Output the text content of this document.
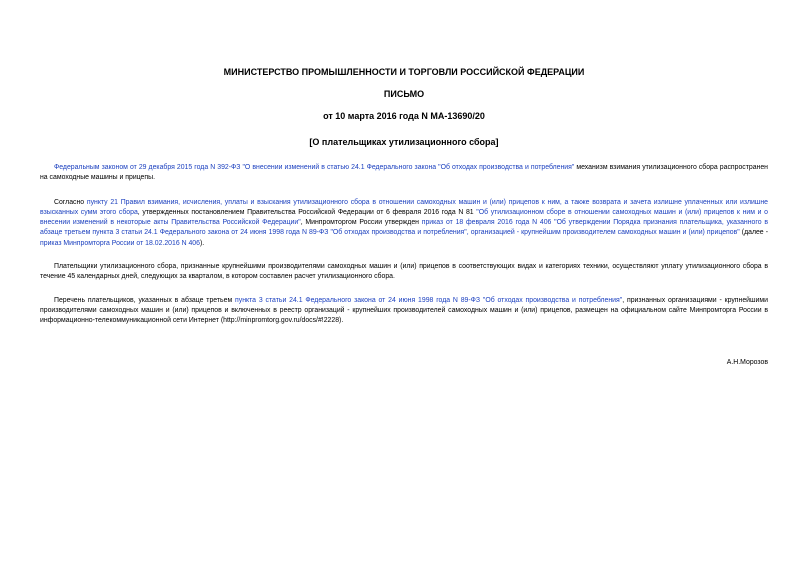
МИНИСТЕРСТВО ПРОМЫШЛЕННОСТИ И ТОРГОВЛИ РОССИЙСКОЙ ФЕДЕРАЦИИ
ПИСЬМО
от 10 марта 2016 года N МА-13690/20
[О плательщиках утилизационного сбора]

Федеральным законом от 29 декабря 2015 года N 392-ФЗ "О внесении изменений в статью 24.1 Федерального закона "Об отходах производства и потребления" механизм взимания утилизационного сбора распространен на самоходные машины и прицепы.

Согласно пункту 21 Правил взимания, исчисления, уплаты и взыскания утилизационного сбора в отношении самоходных машин и (или) прицепов к ним, а также возврата и зачета излишне уплаченных или излишне взысканных сумм этого сбора, утвержденных постановлением Правительства Российской Федерации от 6 февраля 2016 года N 81 "Об утилизационном сборе в отношении самоходных машин и (или) прицепов к ним и о внесении изменений в некоторые акты Правительства Российской Федерации", Минпромторгом России утвержден приказ от 18 февраля 2016 года N 406 "Об утверждении Порядка признания плательщика, указанного в абзаце третьем пункта 3 статьи 24.1 Федерального закона от 24 июня 1998 года N 89-ФЗ "Об отходах производства и потребления", организацией - крупнейшим производителем самоходных машин и (или) прицепов" (далее - приказ Минпромторга России от 18.02.2016 N 406).

Плательщики утилизационного сбора, признанные крупнейшими производителями самоходных машин и (или) прицепов в соответствующих видах и категориях техники, осуществляют уплату утилизационного сбора в течение 45 календарных дней, следующих за кварталом, в котором составлен расчет утилизационного сбора.

Перечень плательщиков, указанных в абзаце третьем пункта 3 статьи 24.1 Федерального закона от 24 июня 1998 года N 89-ФЗ "Об отходах производства и потребления", признанных организациями - крупнейшими производителями самоходных машин и (или) прицепов и включенных в реестр организаций - крупнейших производителей самоходных машин и (или) прицепов, размещен на официальном сайте Минпромторга России в информационно-телекоммуникационной сети Интернет (http://minpromtorg.gov.ru/docs/#!2228).

А.Н.Морозов
